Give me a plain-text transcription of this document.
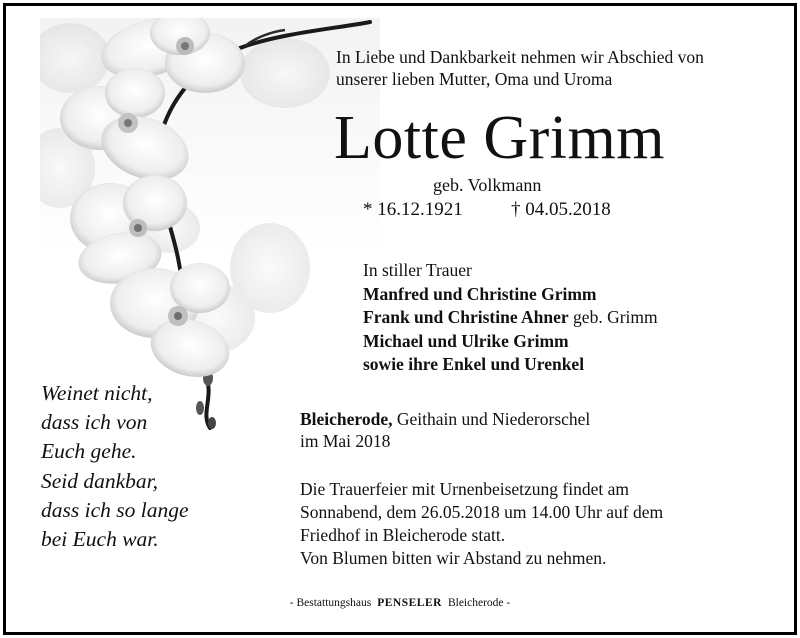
In Liebe und Dankbarkeit nehmen wir Abschied von
unserer lieben Mutter, Oma und Uroma
Lotte Grimm
geb. Volkmann
* 16.12.1921	† 04.05.2018
In stiller Trauer
Manfred und Christine Grimm
Frank und Christine Ahner geb. Grimm
Michael und Ulrike Grimm
sowie ihre Enkel und Urenkel
Weinet nicht,
dass ich von
Euch gehe.
Seid dankbar,
dass ich so lange
bei Euch war.
Bleicherode, Geithain und Niederorschel
im Mai 2018
Die Trauerfeier mit Urnenbeisetzung findet am
Sonnabend, dem 26.05.2018 um 14.00 Uhr auf dem
Friedhof in Bleicherode statt.
Von Blumen bitten wir Abstand zu nehmen.
- Bestattungshaus PENSELER Bleicherode -
